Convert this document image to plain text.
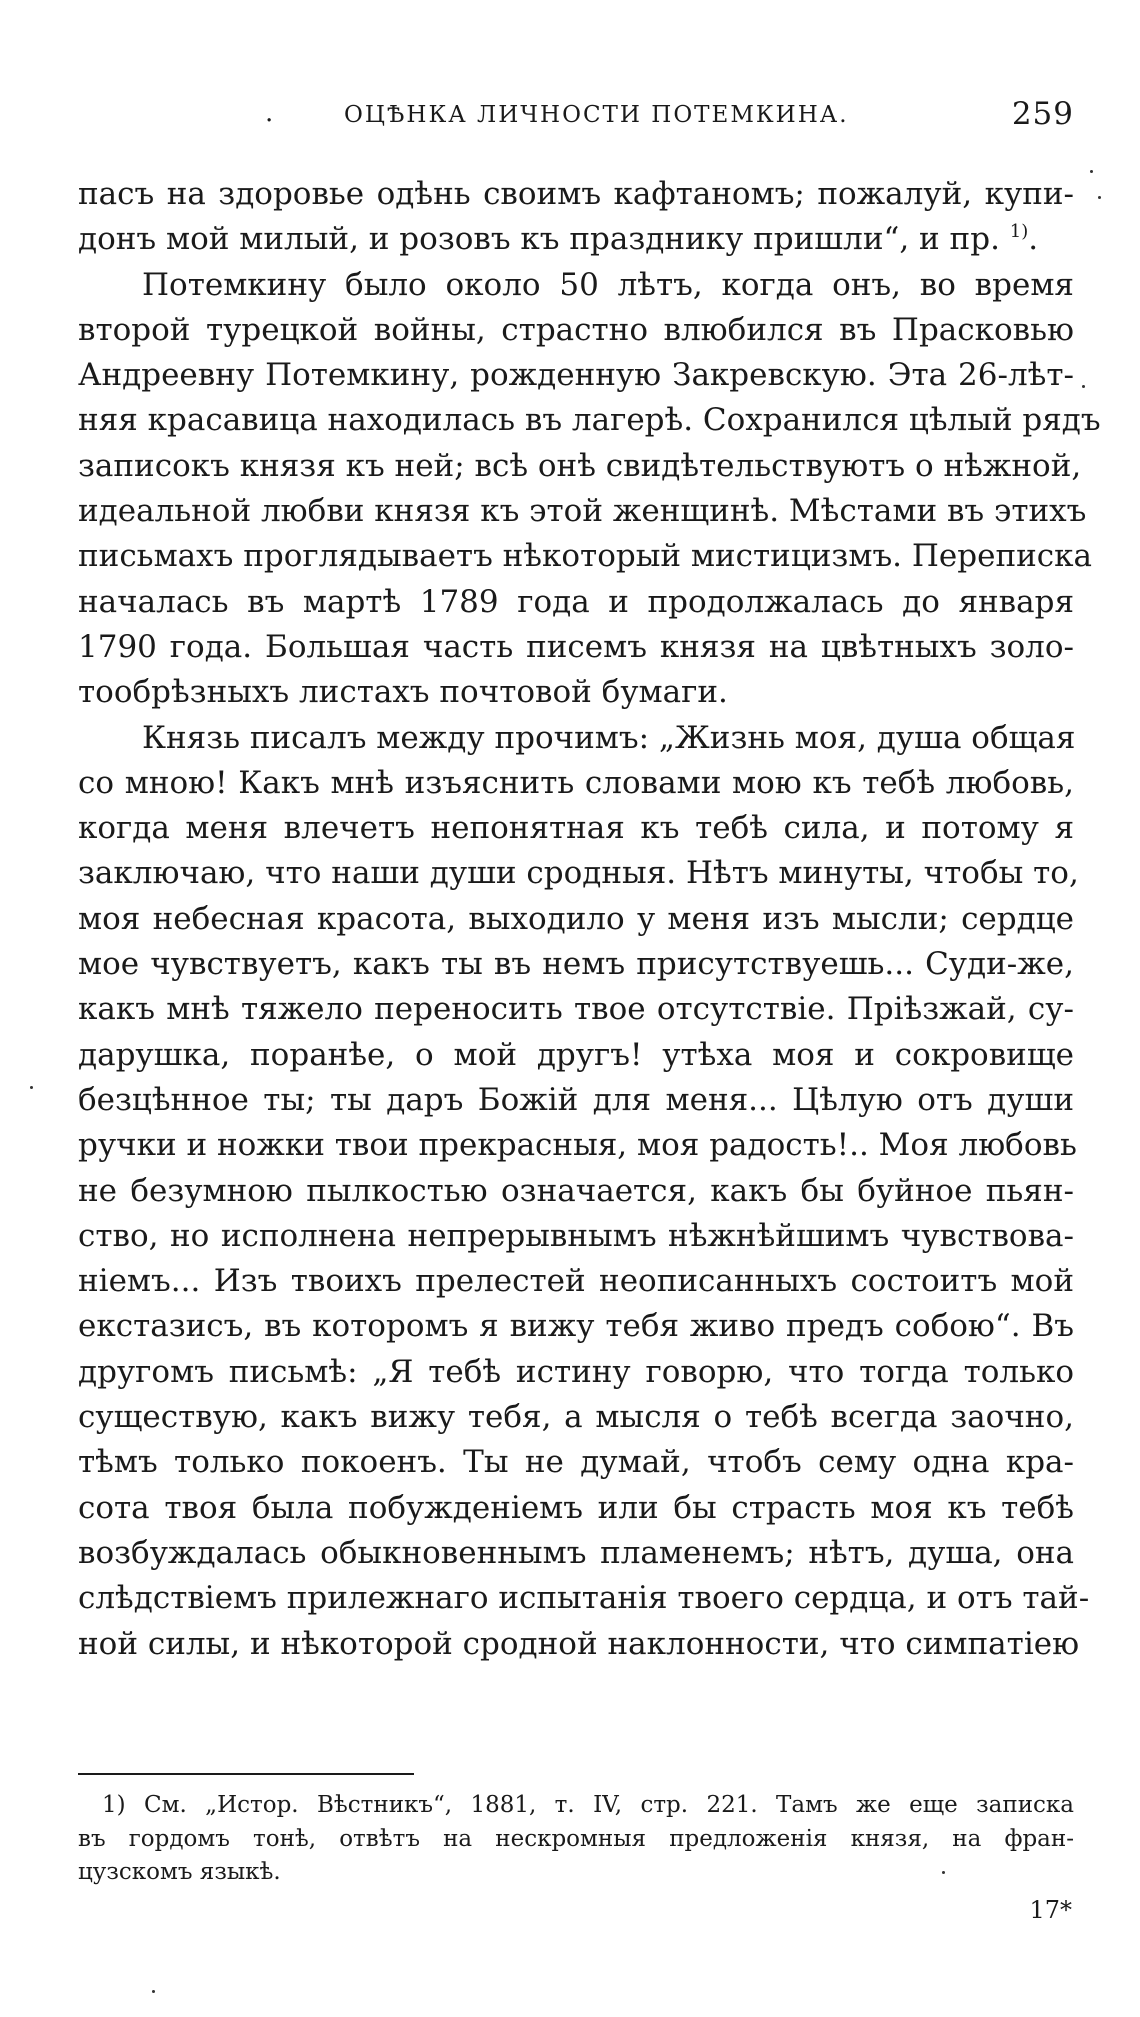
.	ОЦѢНКА ЛИЧНОСТИ ПОТЕМКИНА.	259
пасъ на здоровье одѣнь своимъ кафтаномъ; пожалуй, купи-
донъ мой милый, и розовъ къ празднику пришли“, и пр. $^{1)}$.
Потемкину было около 50 лѣтъ, когда онъ, во время
второй турецкой войны, страстно влюбился въ Прасковью
Андреевну Потемкину, рожденную Закревскую. Эта 26-лѣт-
няя красавица находилась въ лагерѣ. Сохранился цѣлый рядъ
записокъ князя къ ней; всѣ онѣ свидѣтельствуютъ о нѣжной,
идеальной любви князя къ этой женщинѣ. Мѣстами въ этихъ
письмахъ проглядываетъ нѣкоторый мистицизмъ. Переписка
началась въ мартѣ 1789 года и продолжалась до января
1790 года. Большая часть писемъ князя на цвѣтныхъ золо-
тообрѣзныхъ листахъ почтовой бумаги.
Князь писалъ между прочимъ: „Жизнь моя, душа общая
со мною! Какъ мнѣ изъяснить словами мою къ тебѣ любовь,
когда меня влечетъ непонятная къ тебѣ сила, и потому я
заключаю, что наши души сродныя. Нѣтъ минуты, чтобы то,
моя небесная красота, выходило у меня изъ мысли; сердце
мое чувствуетъ, какъ ты въ немъ присутствуешь... Суди-же,
какъ мнѣ тяжело переносить твое отсутствіе. Пріѣзжай, су-
дарушка, поранѣе, о мой другъ! утѣха моя и сокровище
безцѣнное ты; ты даръ Божій для меня... Цѣлую отъ души
ручки и ножки твои прекрасныя, моя радость!.. Моя любовь
не безумною пылкостью означается, какъ бы буйное пьян-
ство, но исполнена непрерывнымъ нѣжнѣйшимъ чувствова-
ніемъ... Изъ твоихъ прелестей неописанныхъ состоитъ мой
екстазисъ, въ которомъ я вижу тебя живо предъ собою“. Въ
другомъ письмѣ: „Я тебѣ истину говорю, что тогда только
существую, какъ вижу тебя, а мысля о тебѣ всегда заочно,
тѣмъ только покоенъ. Ты не думай, чтобъ сему одна кра-
сота твоя была побужденіемъ или бы страсть моя къ тебѣ
возбуждалась обыкновеннымъ пламенемъ; нѣтъ, душа, она
слѣдствіемъ прилежнаго испытанія твоего сердца, и отъ тай-
ной силы, и нѣкоторой сродной наклонности, что симпатіею
1) См. „Истор. Вѣстникъ“, 1881, т. IV, стр. 221. Тамъ же еще записка
въ гордомъ тонѣ, отвѣтъ на нескромныя предложенія князя, на фран-
цузскомъ языкѣ.
17*
